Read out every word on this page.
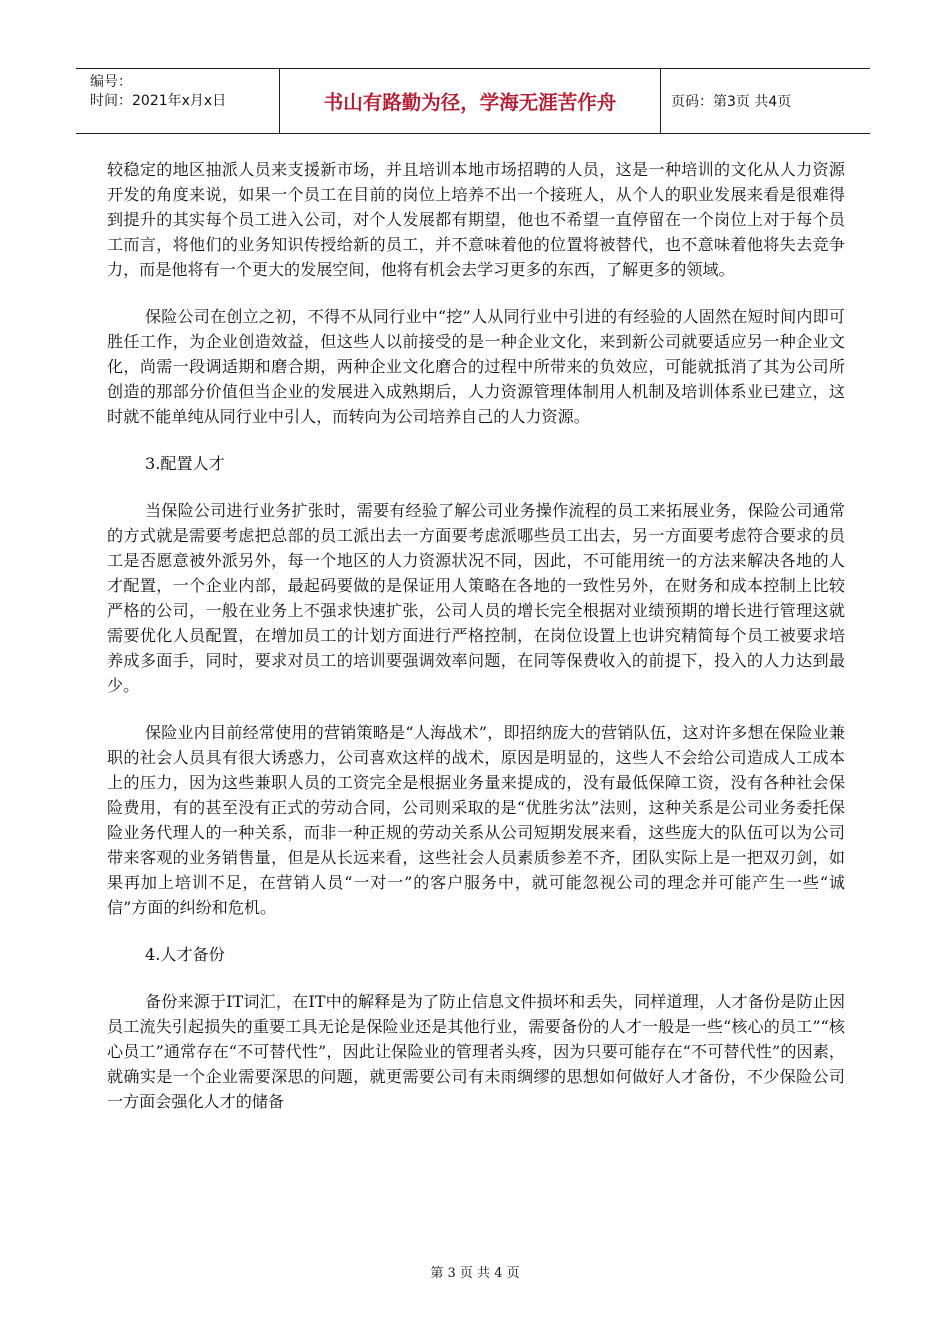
编号：
时间：2021年x月x日	书山有路勤为径，学海无涯苦作舟	页码：第3页 共4页

较稳定的地区抽派人员来支援新市场，并且培训本地市场招聘的人员，这是一种培训的文化从人力资源开发的角度来说，如果一个员工在目前的岗位上培养不出一个接班人，从个人的职业发展来看是很难得到提升的其实每个员工进入公司，对个人发展都有期望，他也不希望一直停留在一个岗位上对于每个员工而言，将他们的业务知识传授给新的员工，并不意味着他的位置将被替代，也不意味着他将失去竞争力，而是他将有一个更大的发展空间，他将有机会去学习更多的东西，了解更多的领域。

保险公司在创立之初，不得不从同行业中“挖”人从同行业中引进的有经验的人固然在短时间内即可胜任工作，为企业创造效益，但这些人以前接受的是一种企业文化，来到新公司就要适应另一种企业文化，尚需一段调适期和磨合期，两种企业文化磨合的过程中所带来的负效应，可能就抵消了其为公司所创造的那部分价值但当企业的发展进入成熟期后，人力资源管理体制用人机制及培训体系业已建立，这时就不能单纯从同行业中引人，而转向为公司培养自己的人力资源。

3.配置人才

当保险公司进行业务扩张时，需要有经验了解公司业务操作流程的员工来拓展业务，保险公司通常的方式就是需要考虑把总部的员工派出去一方面要考虑派哪些员工出去，另一方面要考虑符合要求的员工是否愿意被外派另外，每一个地区的人力资源状况不同，因此，不可能用统一的方法来解决各地的人才配置，一个企业内部，最起码要做的是保证用人策略在各地的一致性另外，在财务和成本控制上比较严格的公司，一般在业务上不强求快速扩张，公司人员的增长完全根据对业绩预期的增长进行管理这就需要优化人员配置，在增加员工的计划方面进行严格控制，在岗位设置上也讲究精简每个员工被要求培养成多面手，同时，要求对员工的培训要强调效率问题，在同等保费收入的前提下，投入的人力达到最少。

保险业内目前经常使用的营销策略是“人海战术”，即招纳庞大的营销队伍，这对许多想在保险业兼职的社会人员具有很大诱惑力，公司喜欢这样的战术，原因是明显的，这些人不会给公司造成人工成本上的压力，因为这些兼职人员的工资完全是根据业务量来提成的，没有最低保障工资，没有各种社会保险费用，有的甚至没有正式的劳动合同，公司则采取的是“优胜劣汰”法则，这种关系是公司业务委托保险业务代理人的一种关系，而非一种正规的劳动关系从公司短期发展来看，这些庞大的队伍可以为公司带来客观的业务销售量，但是从长远来看，这些社会人员素质参差不齐，团队实际上是一把双刃剑，如果再加上培训不足，在营销人员“一对一”的客户服务中，就可能忽视公司的理念并可能产生一些“诚信”方面的纠纷和危机。

4.人才备份

备份来源于IT词汇，在IT中的解释是为了防止信息文件损坏和丢失，同样道理，人才备份是防止因员工流失引起损失的重要工具无论是保险业还是其他行业，需要备份的人才一般是一些“核心的员工”“核心员工”通常存在“不可替代性”，因此让保险业的管理者头疼，因为只要可能存在“不可替代性”的因素，就确实是一个企业需要深思的问题，就更需要公司有未雨绸缪的思想如何做好人才备份，不少保险公司一方面会强化人才的储备

第 3 页 共 4 页
